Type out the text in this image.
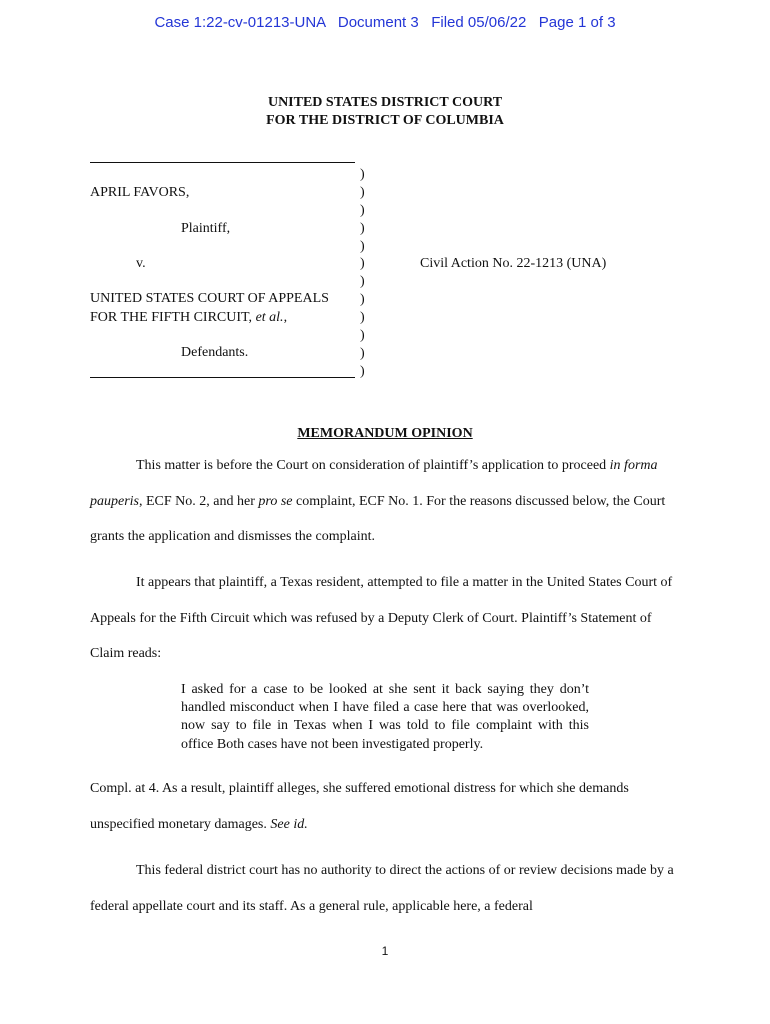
Case 1:22-cv-01213-UNA   Document 3   Filed 05/06/22   Page 1 of 3
UNITED STATES DISTRICT COURT
FOR THE DISTRICT OF COLUMBIA
APRIL FAVORS,
Plaintiff,
v.
UNITED STATES COURT OF APPEALS
FOR THE FIFTH CIRCUIT, et al.,
Defendants.
)
)
)
)
)
)
)
)
)
)
)
)
Civil Action No. 22-1213 (UNA)
MEMORANDUM OPINION
This matter is before the Court on consideration of plaintiff’s application to proceed in forma pauperis, ECF No. 2, and her pro se complaint, ECF No. 1. For the reasons discussed below, the Court grants the application and dismisses the complaint.
It appears that plaintiff, a Texas resident, attempted to file a matter in the United States Court of Appeals for the Fifth Circuit which was refused by a Deputy Clerk of Court. Plaintiff’s Statement of Claim reads:
I asked for a case to be looked at she sent it back saying they don’t handled misconduct when I have filed a case here that was overlooked, now say to file in Texas when I was told to file complaint with this office Both cases have not been investigated properly.
Compl. at 4. As a result, plaintiff alleges, she suffered emotional distress for which she demands unspecified monetary damages. See id.
This federal district court has no authority to direct the actions of or review decisions made by a federal appellate court and its staff. As a general rule, applicable here, a federal
1
